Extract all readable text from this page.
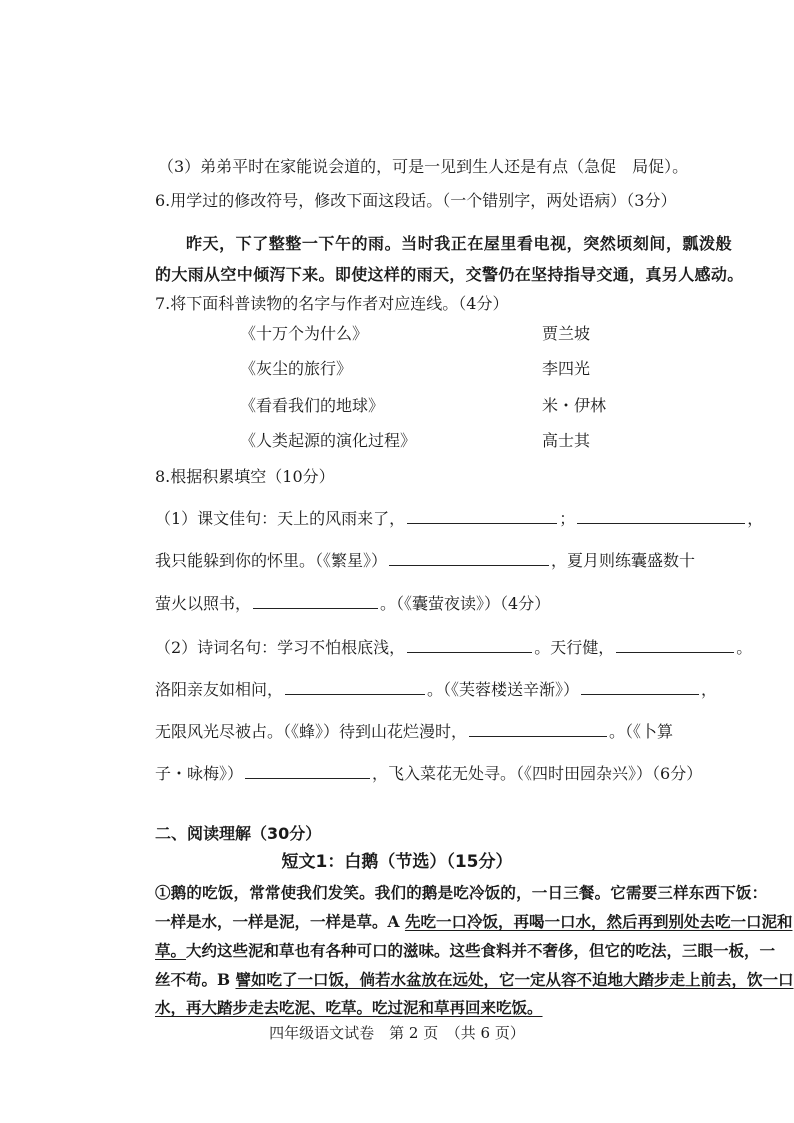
（3）弟弟平时在家能说会道的，可是一见到生人还是有点（急促　局促）。
6.用学过的修改符号，修改下面这段话。（一个错别字，两处语病）（3分）
昨天，下了整整一下午的雨。当时我正在屋里看电视，突然顷刻间，瓢泼般
的大雨从空中倾泻下来。即使这样的雨天，交警仍在坚持指导交通，真另人感动。
7.将下面科普读物的名字与作者对应连线。（4分）
《十万个为什么》	贾兰坡
《灰尘的旅行》	李四光
《看看我们的地球》	米・伊林
《人类起源的演化过程》	高士其
8.根据积累填空（10分）
（1）课文佳句：天上的风雨来了，	；	，
我只能躲到你的怀里。（《繁星》）	，夏月则练囊盛数十
萤火以照书，	。（《囊萤夜读》）（4分）
（2）诗词名句：学习不怕根底浅，	。天行健，	。
洛阳亲友如相问，	。（《芙蓉楼送辛渐》）	，
无限风光尽被占。（《蜂》）待到山花烂漫时，	。（《卜算
子・咏梅》）	，飞入菜花无处寻。（《四时田园杂兴》）（6分）
二、阅读理解（30分）
短文1：白鹅（节选）（15分）
①鹅的吃饭，常常使我们发笑。我们的鹅是吃冷饭的，一日三餐。它需要三样东西下饭：
一样是水，一样是泥，一样是草。A 先吃一口冷饭，再喝一口水，然后再到别处去吃一口泥和
草。大约这些泥和草也有各种可口的滋味。这些食料并不奢侈，但它的吃法，三眼一板，一
丝不苟。B 譬如吃了一口饭，倘若水盆放在远处，它一定从容不迫地大踏步走上前去，饮一口
水，再大踏步走去吃泥、吃草。吃过泥和草再回来吃饭。
四年级语文试卷　第 2 页　（共 6 页）
